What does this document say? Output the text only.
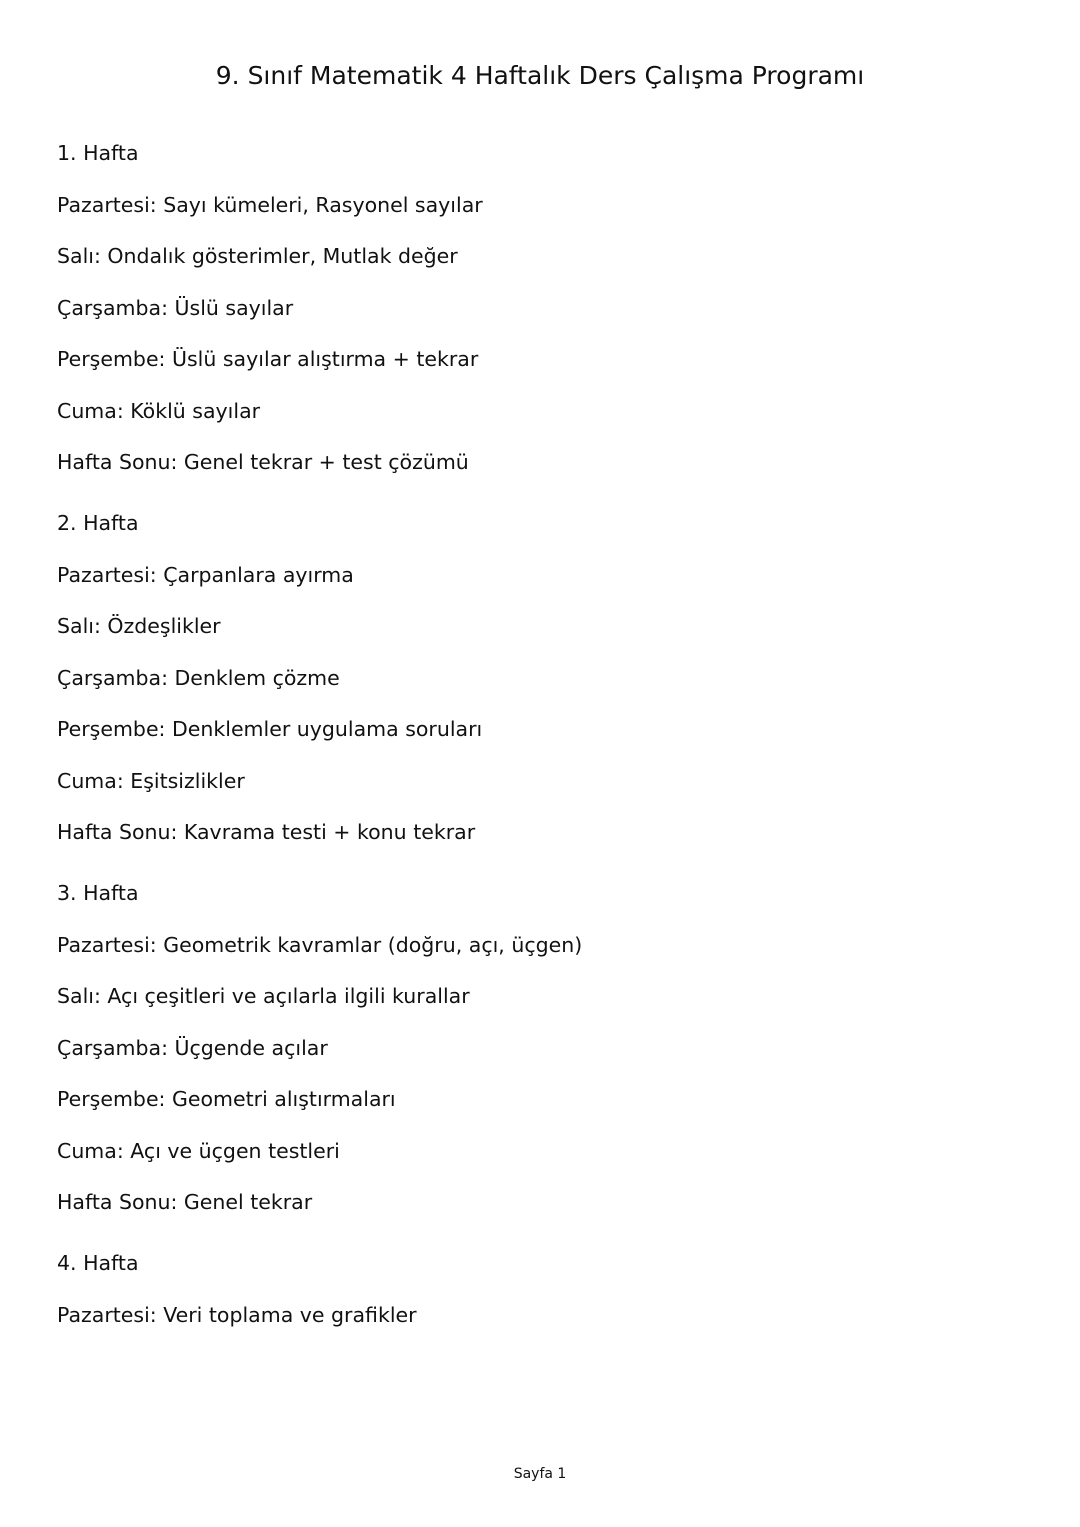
9. Sınıf Matematik 4 Haftalık Ders Çalışma Programı
1. Hafta
Pazartesi: Sayı kümeleri, Rasyonel sayılar
Salı: Ondalık gösterimler, Mutlak değer
Çarşamba: Üslü sayılar
Perşembe: Üslü sayılar alıştırma + tekrar
Cuma: Köklü sayılar
Hafta Sonu: Genel tekrar + test çözümü
2. Hafta
Pazartesi: Çarpanlara ayırma
Salı: Özdeşlikler
Çarşamba: Denklem çözme
Perşembe: Denklemler uygulama soruları
Cuma: Eşitsizlikler
Hafta Sonu: Kavrama testi + konu tekrar
3. Hafta
Pazartesi: Geometrik kavramlar (doğru, açı, üçgen)
Salı: Açı çeşitleri ve açılarla ilgili kurallar
Çarşamba: Üçgende açılar
Perşembe: Geometri alıştırmaları
Cuma: Açı ve üçgen testleri
Hafta Sonu: Genel tekrar
4. Hafta
Pazartesi: Veri toplama ve grafikler
Sayfa 1
